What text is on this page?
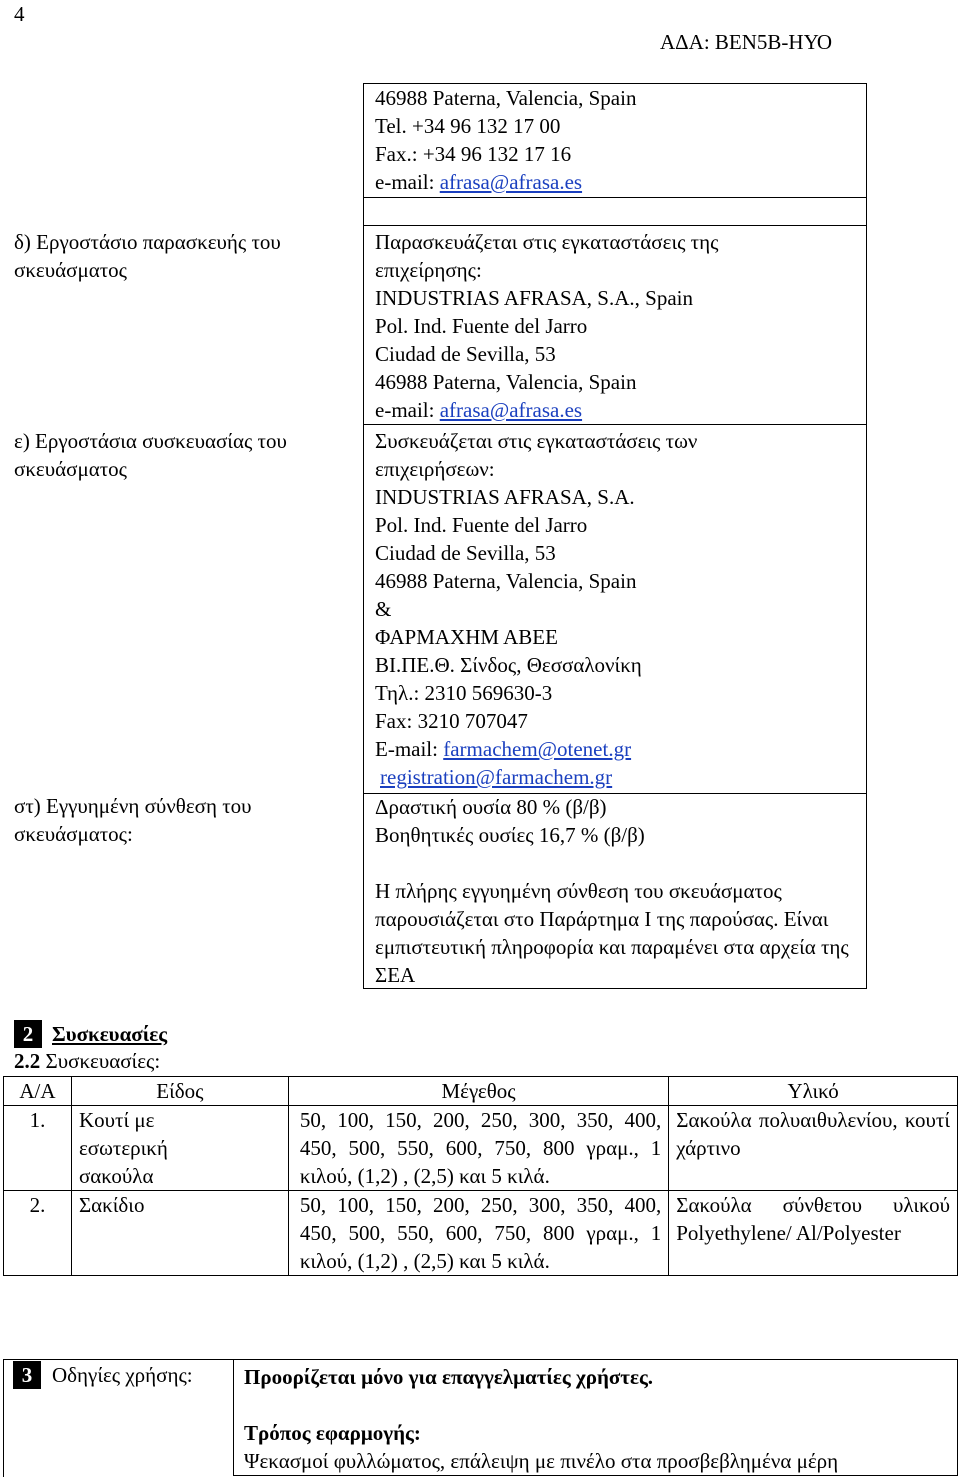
4
ΑΔΑ: ΒΕΝ5Β-ΗΥΟ
46988 Paterna, Valencia, Spain
Tel. +34 96 132 17 00
Fax.: +34 96 132 17 16
e-mail: afrasa@afrasa.es
δ) Εργοστάσιο παρασκευής του σκευάσματος
Παρασκευάζεται στις εγκαταστάσεις της
επιχείρησης:
INDUSTRIAS AFRASA, S.A., Spain
Pol. Ind. Fuente del Jarro
Ciudad de Sevilla, 53
46988 Paterna, Valencia, Spain
e-mail: afrasa@afrasa.es
ε) Εργοστάσια συσκευασίας του σκευάσματος
Συσκευάζεται στις εγκαταστάσεις των
επιχειρήσεων:
INDUSTRIAS AFRASA, S.A.
Pol. Ind. Fuente del Jarro
Ciudad de Sevilla, 53
46988 Paterna, Valencia, Spain
&
ΦΑΡΜΑΧΗΜ ΑΒΕΕ
ΒΙ.ΠΕ.Θ. Σίνδος, Θεσσαλονίκη
Τηλ.: 2310 569630-3
Fax: 3210 707047
E-mail: farmachem@otenet.gr
registration@farmachem.gr
στ) Εγγυημένη σύνθεση του σκευάσματος:
Δραστική ουσία 80 % (β/β)
Βοηθητικές ουσίες 16,7 % (β/β)
Η πλήρης εγγυημένη σύνθεση του σκευάσματος παρουσιάζεται στο Παράρτημα Ι της παρούσας. Είναι εμπιστευτική πληροφορία και παραμένει στα αρχεία της ΣΕΑ
2 Συσκευασίες
2.2 Συσκευασίες:
Α/Α	Είδος	Μέγεθος	Υλικό
1.	Κουτί με εσωτερική σακούλα	50, 100, 150, 200, 250, 300, 350, 400, 450, 500, 550, 600, 750, 800 γραμ., 1 κιλού, (1,2) , (2,5) και 5 κιλά.	Σακούλα πολυαιθυλενίου, κουτί χάρτινο
2.	Σακίδιο	50, 100, 150, 200, 250, 300, 350, 400, 450, 500, 550, 600, 750, 800 γραμ., 1 κιλού, (1,2) , (2,5) και 5 κιλά.	Σακούλα σύνθετου υλικού Polyethylene/ Al/Polyester
3 Οδηγίες χρήσης: Προορίζεται μόνο για επαγγελματίες χρήστες.
Τρόπος εφαρμογής:
Ψεκασμοί φυλλώματος, επάλειψη με πινέλο στα προσβεβλημένα μέρη
